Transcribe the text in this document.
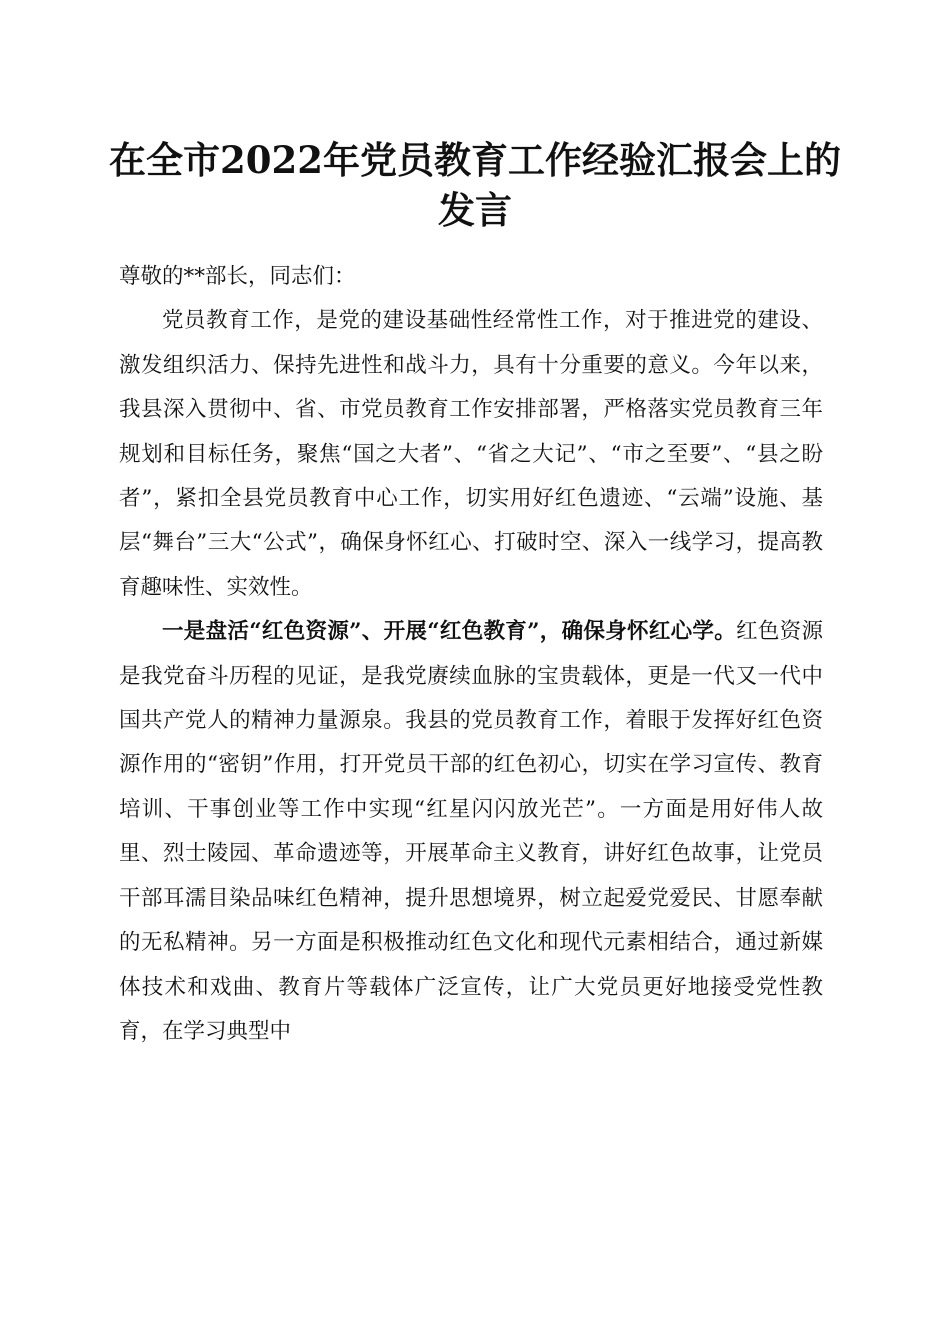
在全市2022年党员教育工作经验汇报会上的发言

尊敬的**部长，同志们：

党员教育工作，是党的建设基础性经常性工作，对于推进党的建设、激发组织活力、保持先进性和战斗力，具有十分重要的意义。今年以来，我县深入贯彻中、省、市党员教育工作安排部署，严格落实党员教育三年规划和目标任务，聚焦“国之大者”、“省之大记”、“市之至要”、“县之盼者”，紧扣全县党员教育中心工作，切实用好红色遗迹、“云端”设施、基层“舞台”三大“公式”，确保身怀红心、打破时空、深入一线学习，提高教育趣味性、实效性。

一是盘活“红色资源”、开展“红色教育”，确保身怀红心学。红色资源是我党奋斗历程的见证，是我党赓续血脉的宝贵载体，更是一代又一代中国共产党人的精神力量源泉。我县的党员教育工作，着眼于发挥好红色资源作用的“密钥”作用，打开党员干部的红色初心，切实在学习宣传、教育培训、干事创业等工作中实现“红星闪闪放光芒”。一方面是用好伟人故里、烈士陵园、革命遗迹等，开展革命主义教育，讲好红色故事，让党员干部耳濡目染品味红色精神，提升思想境界，树立起爱党爱民、甘愿奉献的无私精神。另一方面是积极推动红色文化和现代元素相结合，通过新媒体技术和戏曲、教育片等载体广泛宣传，让广大党员更好地接受党性教育，在学习典型中
